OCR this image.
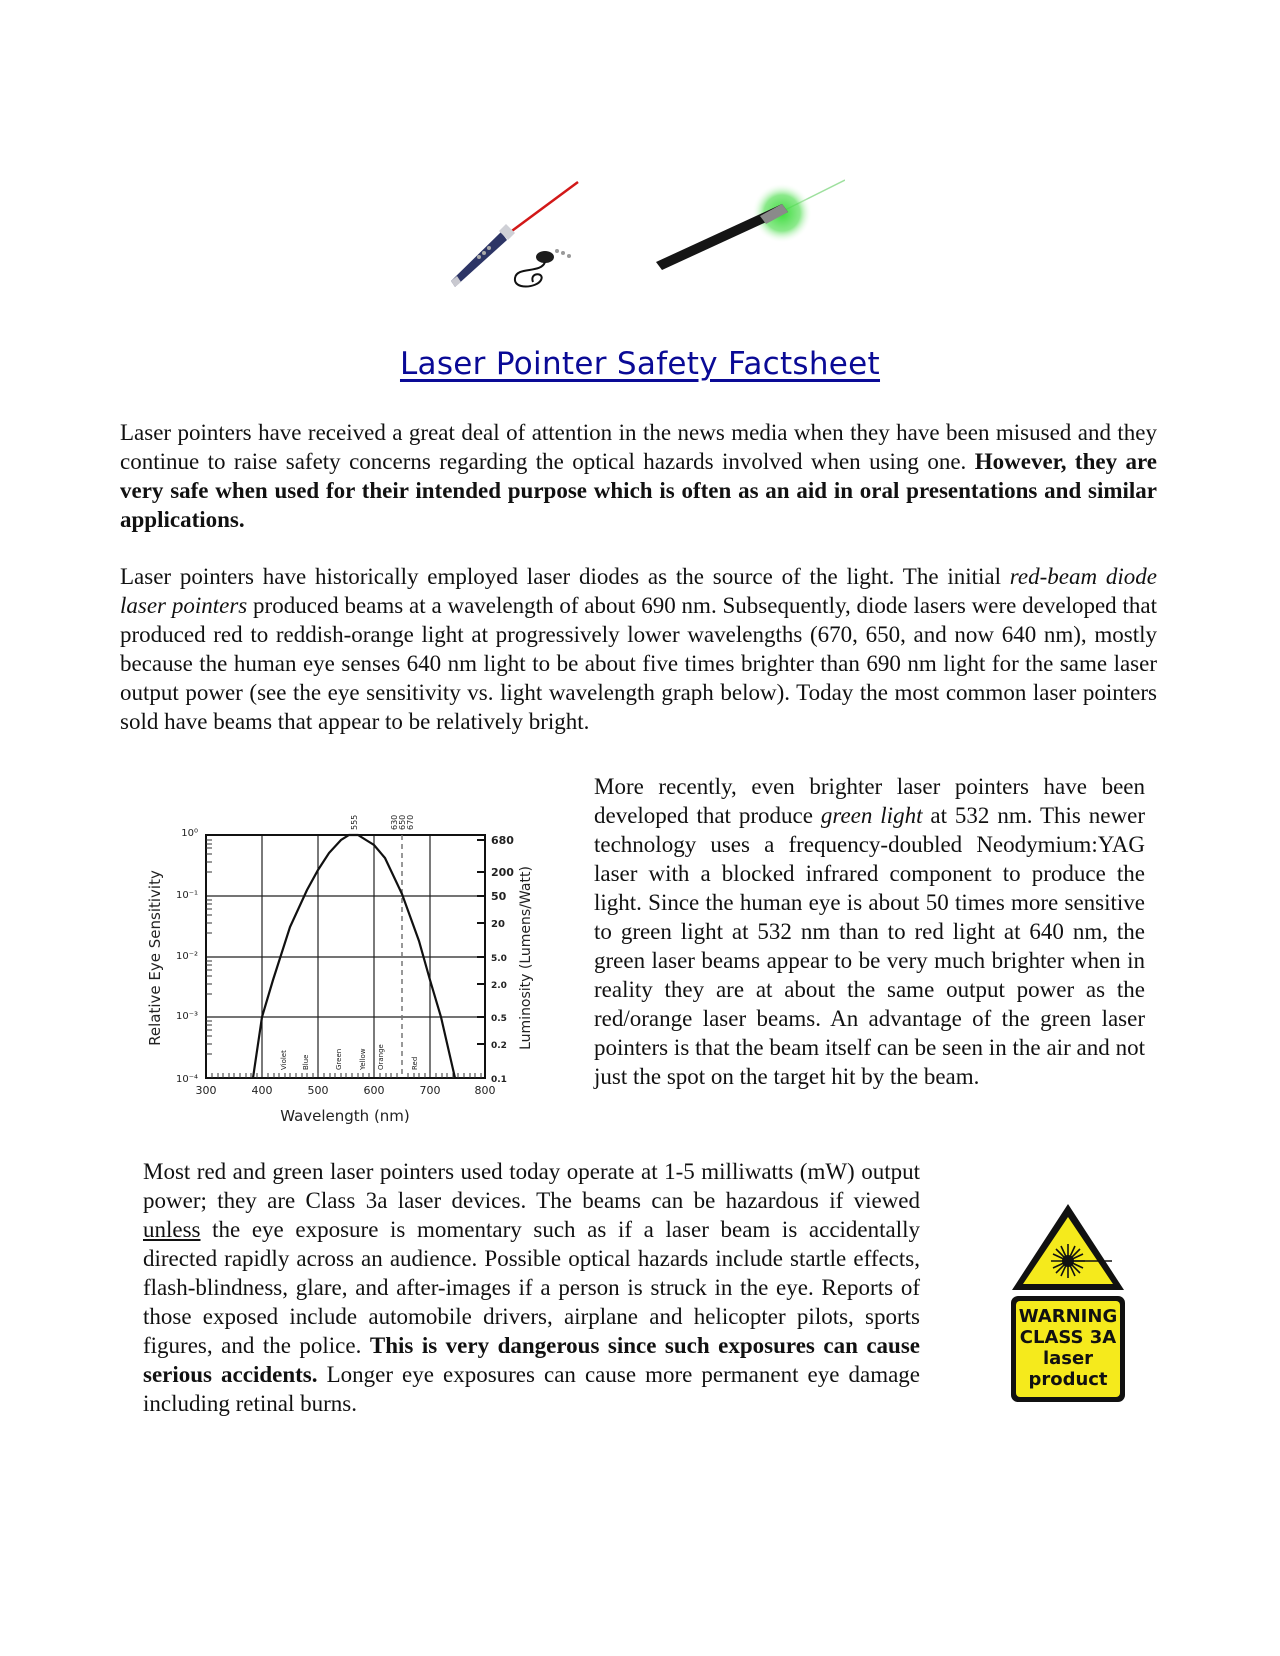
Laser Pointer Safety Factsheet
Laser pointers have received a great deal of attention in the news media when they have been misused and they continue to raise safety concerns regarding the optical hazards involved when using one. However, they are very safe when used for their intended purpose which is often as an aid in oral presentations and similar applications.
Laser pointers have historically employed laser diodes as the source of the light. The initial red-beam diode laser pointers produced beams at a wavelength of about 690 nm. Subsequently, diode lasers were developed that produced red to reddish-orange light at progressively lower wavelengths (670, 650, and now 640 nm), mostly because the human eye senses 640 nm light to be about five times brighter than 690 nm light for the same laser output power (see the eye sensitivity vs. light wavelength graph below). Today the most common laser pointers sold have beams that appear to be relatively bright.
10⁰
10⁻¹
10⁻²
10⁻³
10⁻⁴
680
200
50
20
5.0
2.0
0.5
0.2
0.1
300	400	500	600	700	800
Wavelength (nm)
Relative Eye Sensitivity	Luminosity (Lumens/Watt)
555	630 650 670
Violet Blue	Green Yellow Orange	Red
More recently, even brighter laser pointers have been developed that produce green light at 532 nm. This newer technology uses a frequency-doubled Neodymium:YAG laser with a blocked infrared component to produce the light. Since the human eye is about 50 times more sensitive to green light at 532 nm than to red light at 640 nm, the green laser beams appear to be very much brighter when in reality they are at about the same output power as the red/orange laser beams. An advantage of the green laser pointers is that the beam itself can be seen in the air and not just the spot on the target hit by the beam.
Most red and green laser pointers used today operate at 1-5 milliwatts (mW) output power; they are Class 3a laser devices. The beams can be hazardous if viewed unless the eye exposure is momentary such as if a laser beam is accidentally directed rapidly across an audience. Possible optical hazards include startle effects, flash-blindness, glare, and after-images if a person is struck in the eye. Reports of those exposed include automobile drivers, airplane and helicopter pilots, sports figures, and the police. This is very dangerous since such exposures can cause serious accidents. Longer eye exposures can cause more permanent eye damage including retinal burns.
WARNING
CLASS 3A
laser
product
